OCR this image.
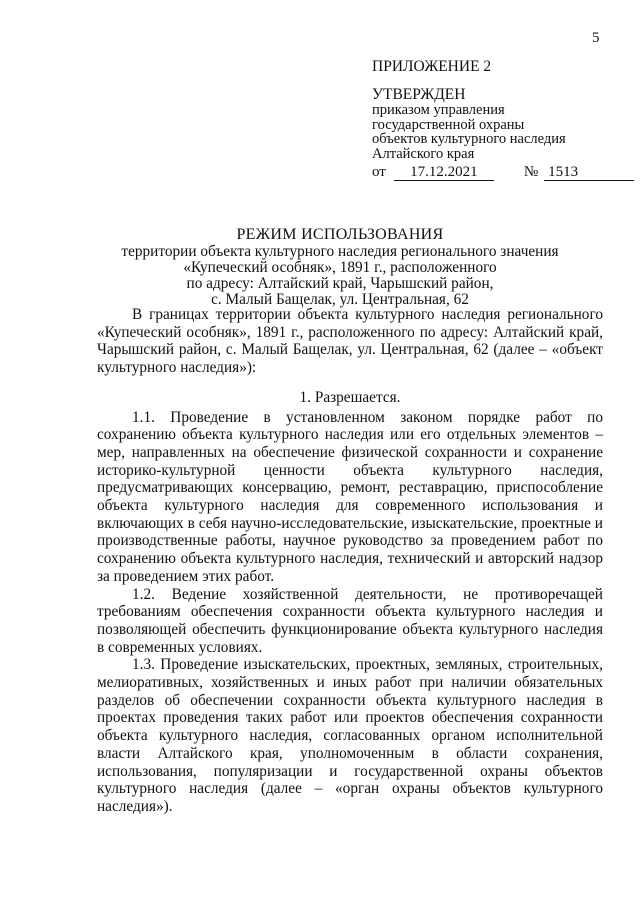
5
ПРИЛОЖЕНИЕ 2
УТВЕРЖДЕН
приказом управления
государственной охраны
объектов культурного наследия
Алтайского края
от 17.12.2021	№ 1513
РЕЖИМ ИСПОЛЬЗОВАНИЯ
территории объекта культурного наследия регионального значения
«Купеческий особняк», 1891 г., расположенного
по адресу: Алтайский край, Чарышский район,
с. Малый Бащелак, ул. Центральная, 62

В границах территории объекта культурного наследия регионального «Купеческий особняк», 1891 г., расположенного по адресу: Алтайский край, Чарышский район, с. Малый Бащелак, ул. Центральная, 62 (далее – «объект культурного наследия»):

1. Разрешается.

1.1. Проведение в установленном законом порядке работ по сохранению объекта культурного наследия или его отдельных элементов – мер, направленных на обеспечение физической сохранности и сохранение историко-культурной ценности объекта культурного наследия, предусматривающих консервацию, ремонт, реставрацию, приспособление объекта культурного наследия для современного использования и включающих в себя научно-исследовательские, изыскательские, проектные и производственные работы, научное руководство за проведением работ по сохранению объекта культурного наследия, технический и авторский надзор за проведением этих работ.

1.2. Ведение хозяйственной деятельности, не противоречащей требованиям обеспечения сохранности объекта культурного наследия и позволяющей обеспечить функционирование объекта культурного наследия в современных условиях.

1.3. Проведение изыскательских, проектных, земляных, строительных, мелиоративных, хозяйственных и иных работ при наличии обязательных разделов об обеспечении сохранности объекта культурного наследия в проектах проведения таких работ или проектов обеспечения сохранности объекта культурного наследия, согласованных органом исполнительной власти Алтайского края, уполномоченным в области сохранения, использования, популяризации и государственной охраны объектов культурного наследия (далее – «орган охраны объектов культурного наследия»).
